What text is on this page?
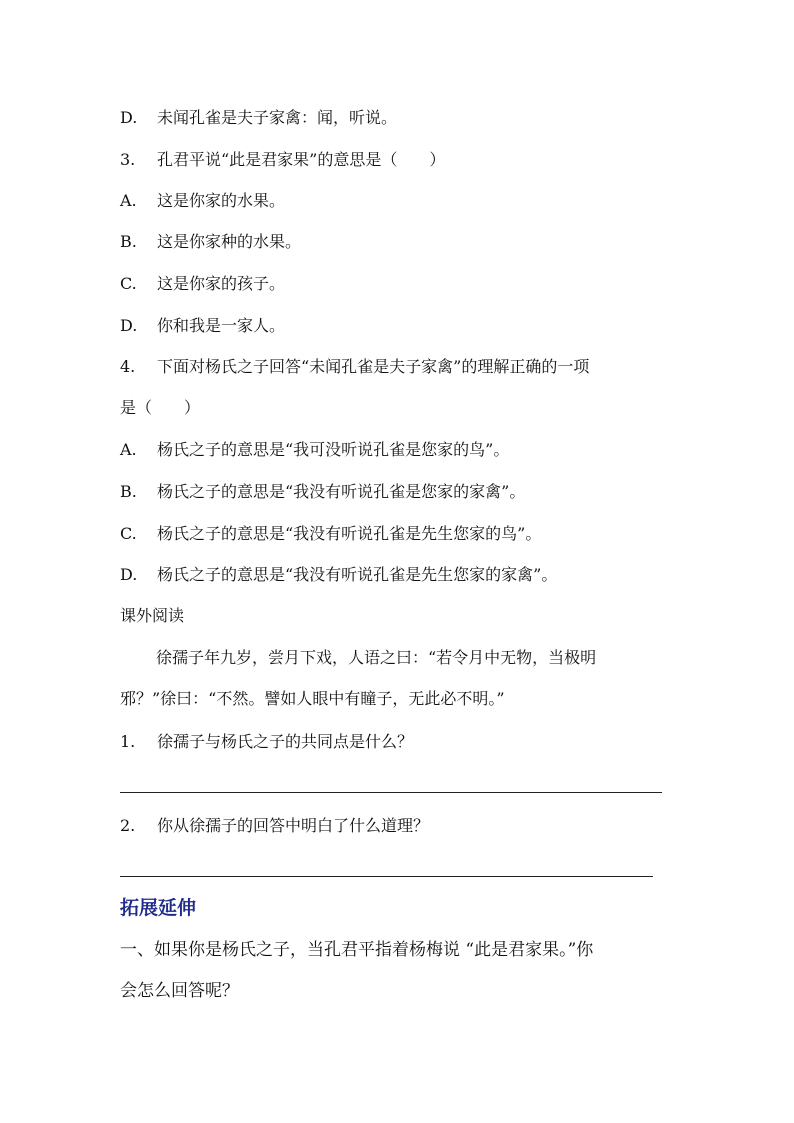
D. 未闻孔雀是夫子家禽：闻，听说。
3. 孔君平说“此是君家果”的意思是（　　）
A. 这是你家的水果。
B. 这是你家种的水果。
C. 这是你家的孩子。
D. 你和我是一家人。
4. 下面对杨氏之子回答“未闻孔雀是夫子家禽”的理解正确的一项
是（　　）
A. 杨氏之子的意思是“我可没听说孔雀是您家的鸟”。
B. 杨氏之子的意思是“我没有听说孔雀是您家的家禽”。
C. 杨氏之子的意思是“我没有听说孔雀是先生您家的鸟”。
D. 杨氏之子的意思是“我没有听说孔雀是先生您家的家禽”。
课外阅读
徐孺子年九岁，尝月下戏，人语之曰：“若令月中无物，当极明
邪？”徐曰：“不然。譬如人眼中有瞳子，无此必不明。”
1. 徐孺子与杨氏之子的共同点是什么？
2. 你从徐孺子的回答中明白了什么道理？
拓展延伸
一、如果你是杨氏之子，当孔君平指着杨梅说 “此是君家果。”你
会怎么回答呢？
